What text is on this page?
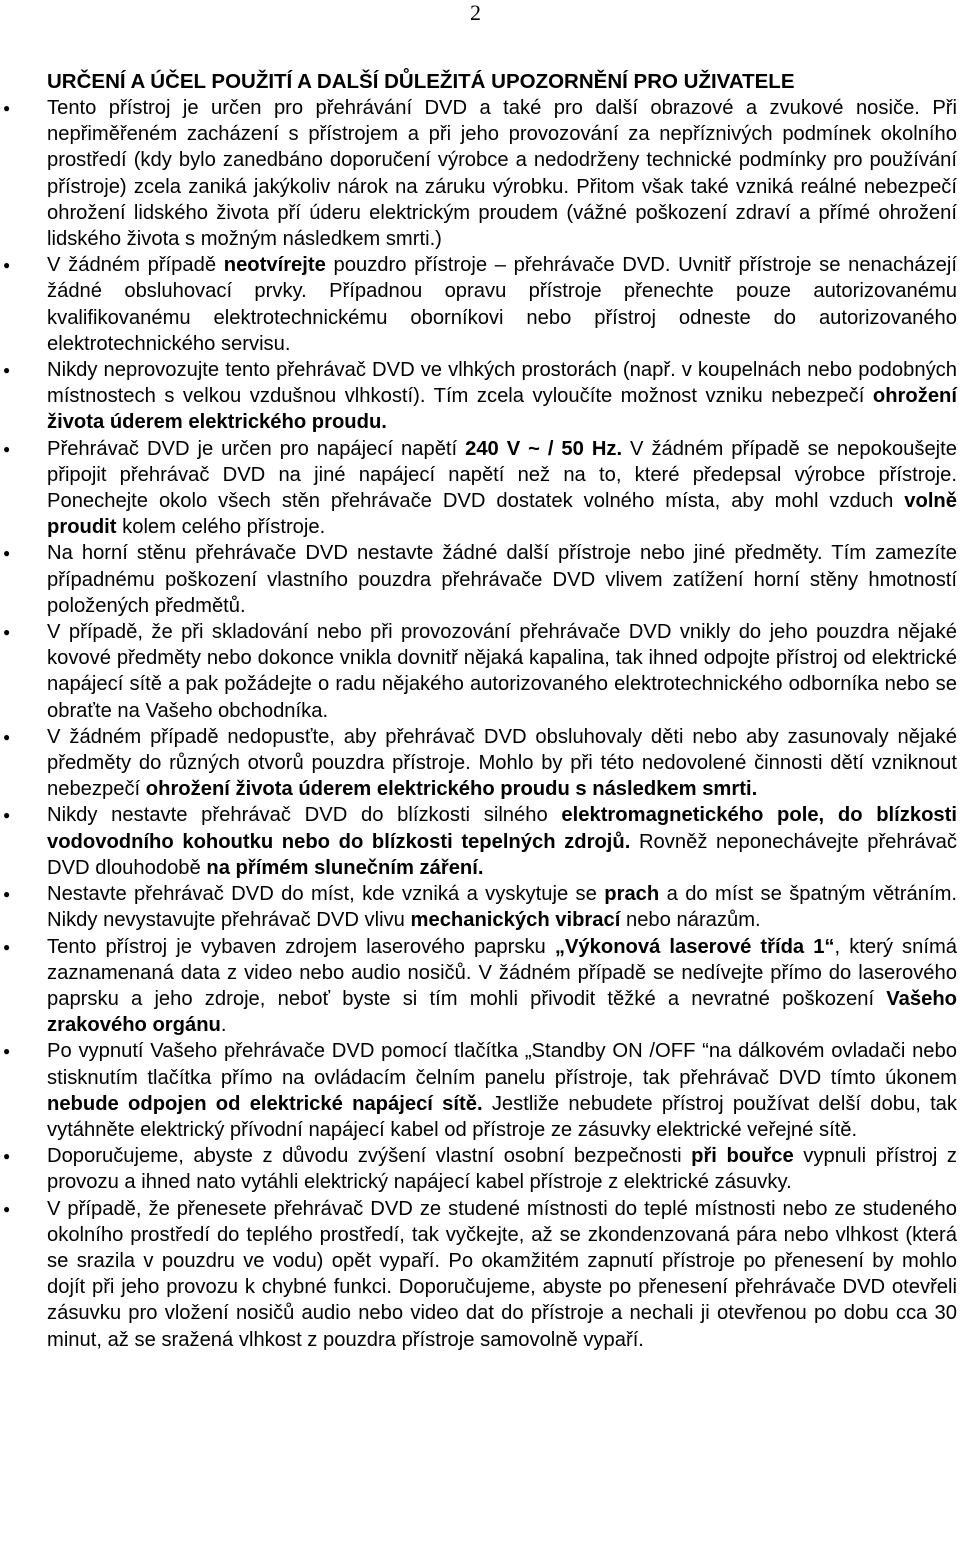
2
URČENÍ A ÚČEL POUŽITÍ A DALŠÍ DŮLEŽITÁ UPOZORNĚNÍ PRO UŽIVATELE
● Tento přístroj je určen pro přehrávání DVD a také pro další obrazové a zvukové nosiče. Při nepřiměřeném zacházení s přístrojem a při jeho provozování za nepříznivých podmínek okolního prostředí (kdy bylo zanedbáno doporučení výrobce a nedodrženy technické podmínky pro používání přístroje) zcela zaniká jakýkoliv nárok na záruku výrobku. Přitom však také vzniká reálné nebezpečí ohrožení lidského života pří úderu elektrickým proudem (vážné poškození zdraví a přímé ohrožení lidského života s možným následkem smrti.)
● V žádném případě neotvírejte pouzdro přístroje – přehrávače DVD. Uvnitř přístroje se nenacházejí žádné obsluhovací prvky. Případnou opravu přístroje přenechte pouze autorizovanému kvalifikovanému elektrotechnickému oborníkovi nebo přístroj odneste do autorizovaného elektrotechnického servisu.
● Nikdy neprovozujte tento přehrávač DVD ve vlhkých prostorách (např. v koupelnách nebo podobných místnostech s velkou vzdušnou vlhkostí). Tím zcela vyloučíte možnost vzniku nebezpečí ohrožení života úderem elektrického proudu.
● Přehrávač DVD je určen pro napájecí napětí 240 V ~ / 50 Hz. V žádném případě se nepokoušejte připojit přehrávač DVD na jiné napájecí napětí než na to, které předepsal výrobce přístroje. Ponechejte okolo všech stěn přehrávače DVD dostatek volného místa, aby mohl vzduch volně proudit kolem celého přístroje.
● Na horní stěnu přehrávače DVD nestavte žádné další přístroje nebo jiné předměty. Tím zamezíte případnému poškození vlastního pouzdra přehrávače DVD vlivem zatížení horní stěny hmotností položených předmětů.
● V případě, že při skladování nebo při provozování přehrávače DVD vnikly do jeho pouzdra nějaké kovové předměty nebo dokonce vnikla dovnitř nějaká kapalina, tak ihned odpojte přístroj od elektrické napájecí sítě a pak požádejte o radu nějakého autorizovaného elektrotechnického odborníka nebo se obraťte na Vašeho obchodníka.
● V žádném případě nedopusťte, aby přehrávač DVD obsluhovaly děti nebo aby zasunovaly nějaké předměty do různých otvorů pouzdra přístroje. Mohlo by při této nedovolené činnosti dětí vzniknout nebezpečí ohrožení života úderem elektrického proudu s následkem smrti.
● Nikdy nestavte přehrávač DVD do blízkosti silného elektromagnetického pole, do blízkosti vodovodního kohoutku nebo do blízkosti tepelných zdrojů. Rovněž neponechávejte přehrávač DVD dlouhodobě na přímém slunečním záření.
● Nestavte přehrávač DVD do míst, kde vzniká a vyskytuje se prach a do míst se špatným větráním. Nikdy nevystavujte přehrávač DVD vlivu mechanických vibrací nebo nárazům.
● Tento přístroj je vybaven zdrojem laserového paprsku „Výkonová laserové třída 1“, který snímá zaznamenaná data z video nebo audio nosičů. V žádném případě se nedívejte přímo do laserového paprsku a jeho zdroje, neboť byste si tím mohli přivodit těžké a nevratné poškození Vašeho zrakového orgánu.
● Po vypnutí Vašeho přehrávače DVD pomocí tlačítka „Standby ON /OFF “na dálkovém ovladači nebo stisknutím tlačítka přímo na ovládacím čelním panelu přístroje, tak přehrávač DVD tímto úkonem nebude odpojen od elektrické napájecí sítě. Jestliže nebudete přístroj používat delší dobu, tak vytáhněte elektrický přívodní napájecí kabel od přístroje ze zásuvky elektrické veřejné sítě.
● Doporučujeme, abyste z důvodu zvýšení vlastní osobní bezpečnosti při bouřce vypnuli přístroj z provozu a ihned nato vytáhli elektrický napájecí kabel přístroje z elektrické zásuvky.
● V případě, že přenesete přehrávač DVD ze studené místnosti do teplé místnosti nebo ze studeného okolního prostředí do teplého prostředí, tak vyčkejte, až se zkondenzovaná pára nebo vlhkost (která se srazila v pouzdru ve vodu) opět vypaří. Po okamžitém zapnutí přístroje po přenesení by mohlo dojít při jeho provozu k chybné funkci. Doporučujeme, abyste po přenesení přehrávače DVD otevřeli zásuvku pro vložení nosičů audio nebo video dat do přístroje a nechali ji otevřenou po dobu cca 30 minut, až se sražená vlhkost z pouzdra přístroje samovolně vypaří.
